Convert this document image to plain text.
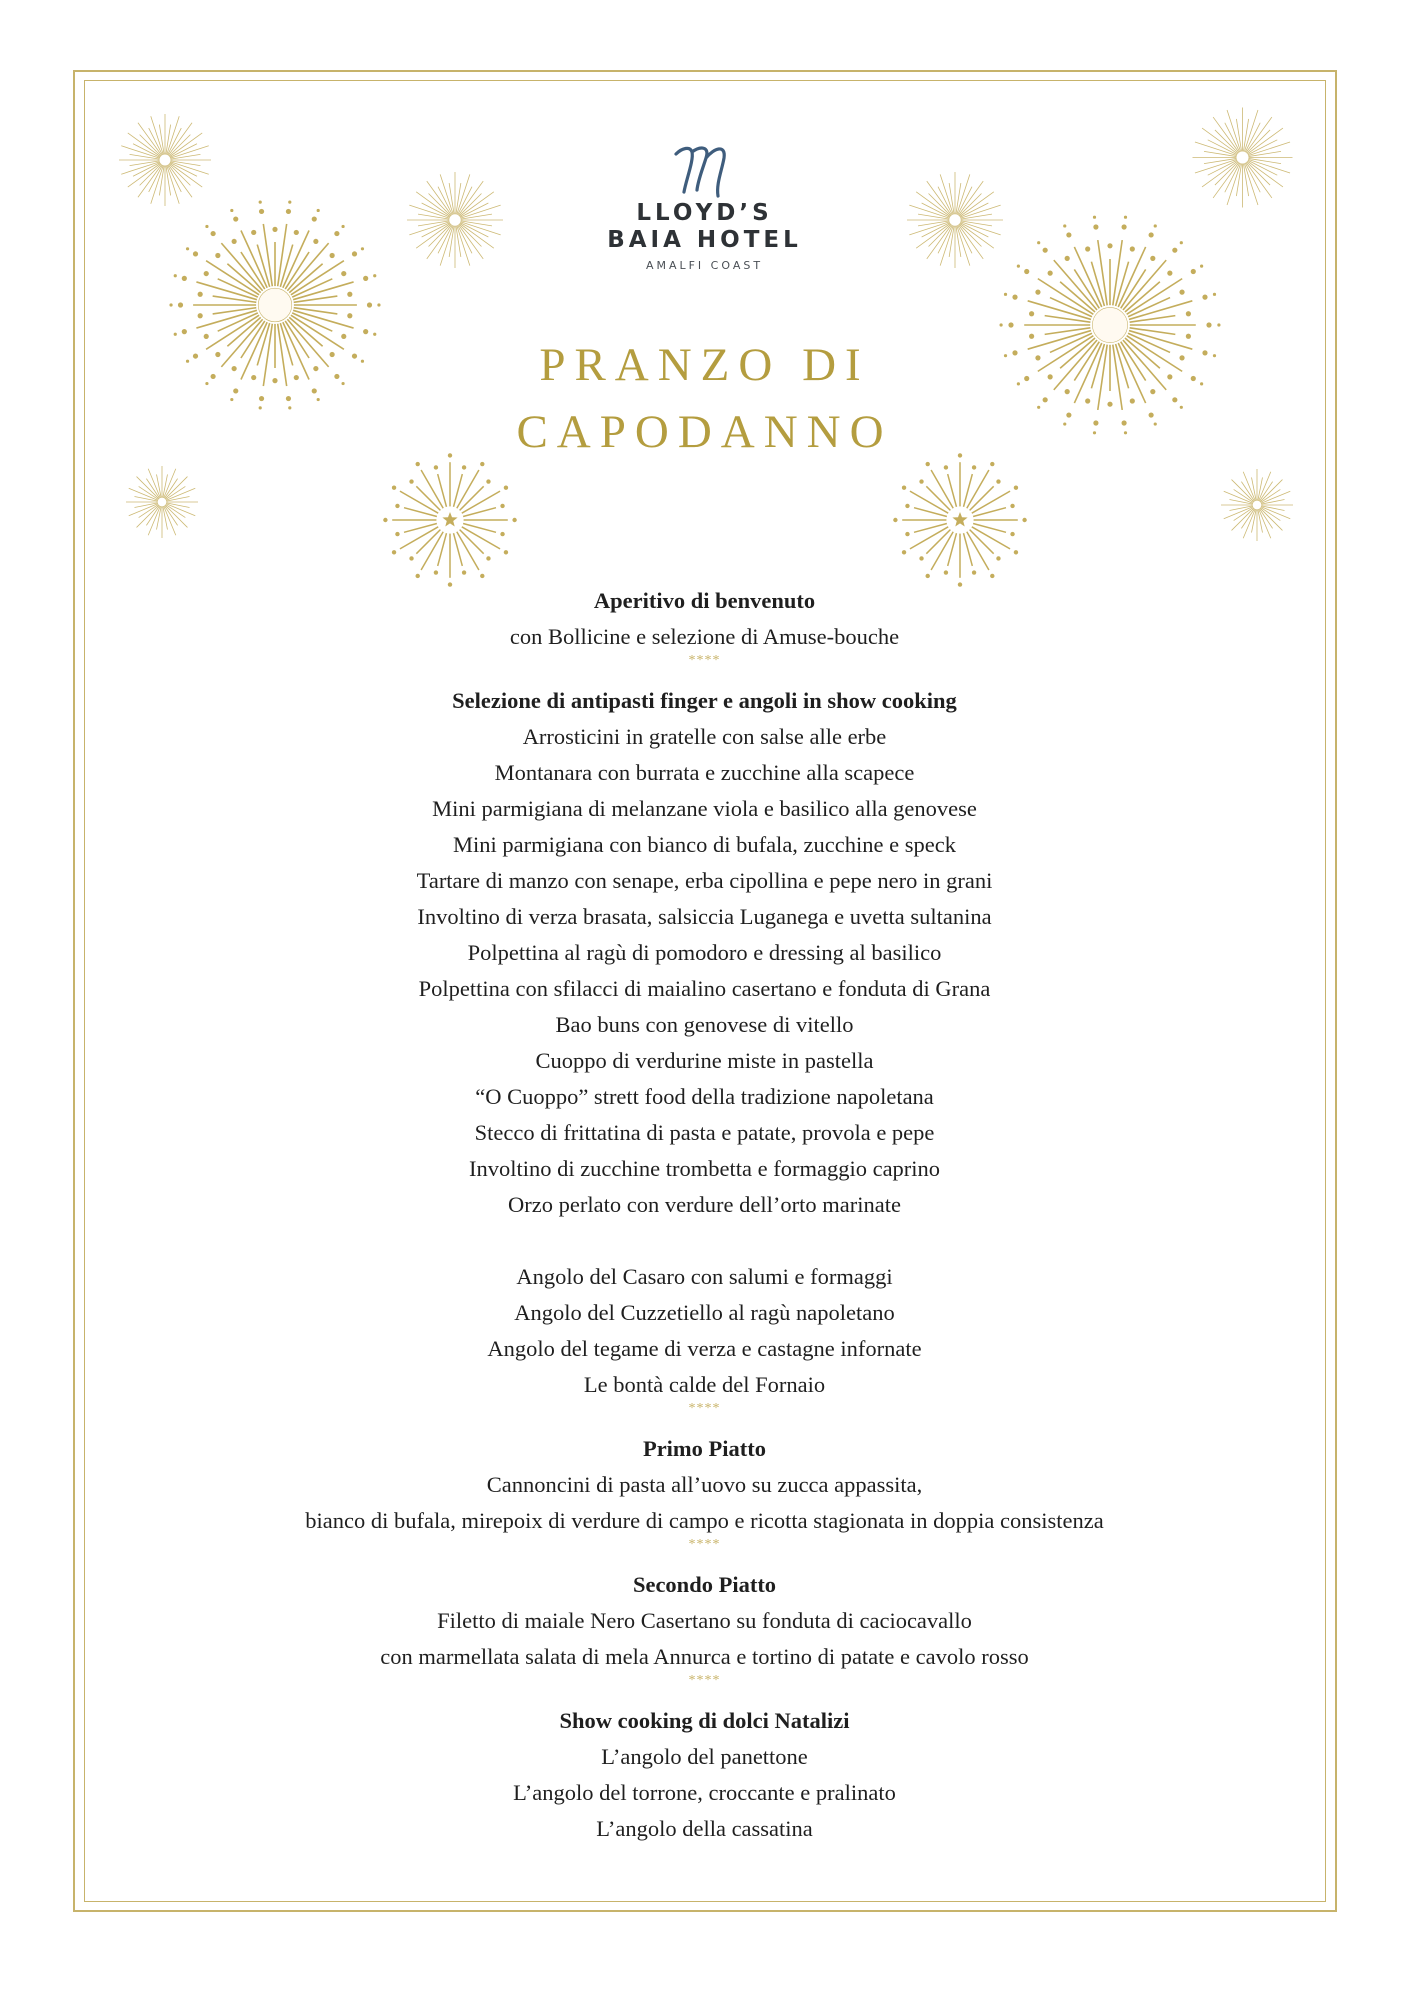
LLOYD’S
BAIA HOTEL
AMALFI COAST
PRANZO DI
CAPODANNO
Aperitivo di benvenuto
con Bollicine e selezione di Amuse-bouche
****
Selezione di antipasti finger e angoli in show cooking
Arrosticini in gratelle con salse alle erbe
Montanara con burrata e zucchine alla scapece
Mini parmigiana di melanzane viola e basilico alla genovese
Mini parmigiana con bianco di bufala, zucchine e speck
Tartare di manzo con senape, erba cipollina e pepe nero in grani
Involtino di verza brasata, salsiccia Luganega e uvetta sultanina
Polpettina al ragù di pomodoro e dressing al basilico
Polpettina con sfilacci di maialino casertano e fonduta di Grana
Bao buns con genovese di vitello
Cuoppo di verdurine miste in pastella
“O Cuoppo” strett food della tradizione napoletana
Stecco di frittatina di pasta e patate, provola e pepe
Involtino di zucchine trombetta e formaggio caprino
Orzo perlato con verdure dell’orto marinate
Angolo del Casaro con salumi e formaggi
Angolo del Cuzzetiello al ragù napoletano
Angolo del tegame di verza e castagne infornate
Le bontà calde del Fornaio
****
Primo Piatto
Cannoncini di pasta all’uovo su zucca appassita,
bianco di bufala, mirepoix di verdure di campo e ricotta stagionata in doppia consistenza
****
Secondo Piatto
Filetto di maiale Nero Casertano su fonduta di caciocavallo
con marmellata salata di mela Annurca e tortino di patate e cavolo rosso
****
Show cooking di dolci Natalizi
L’angolo del panettone
L’angolo del torrone, croccante e pralinato
L’angolo della cassatina
